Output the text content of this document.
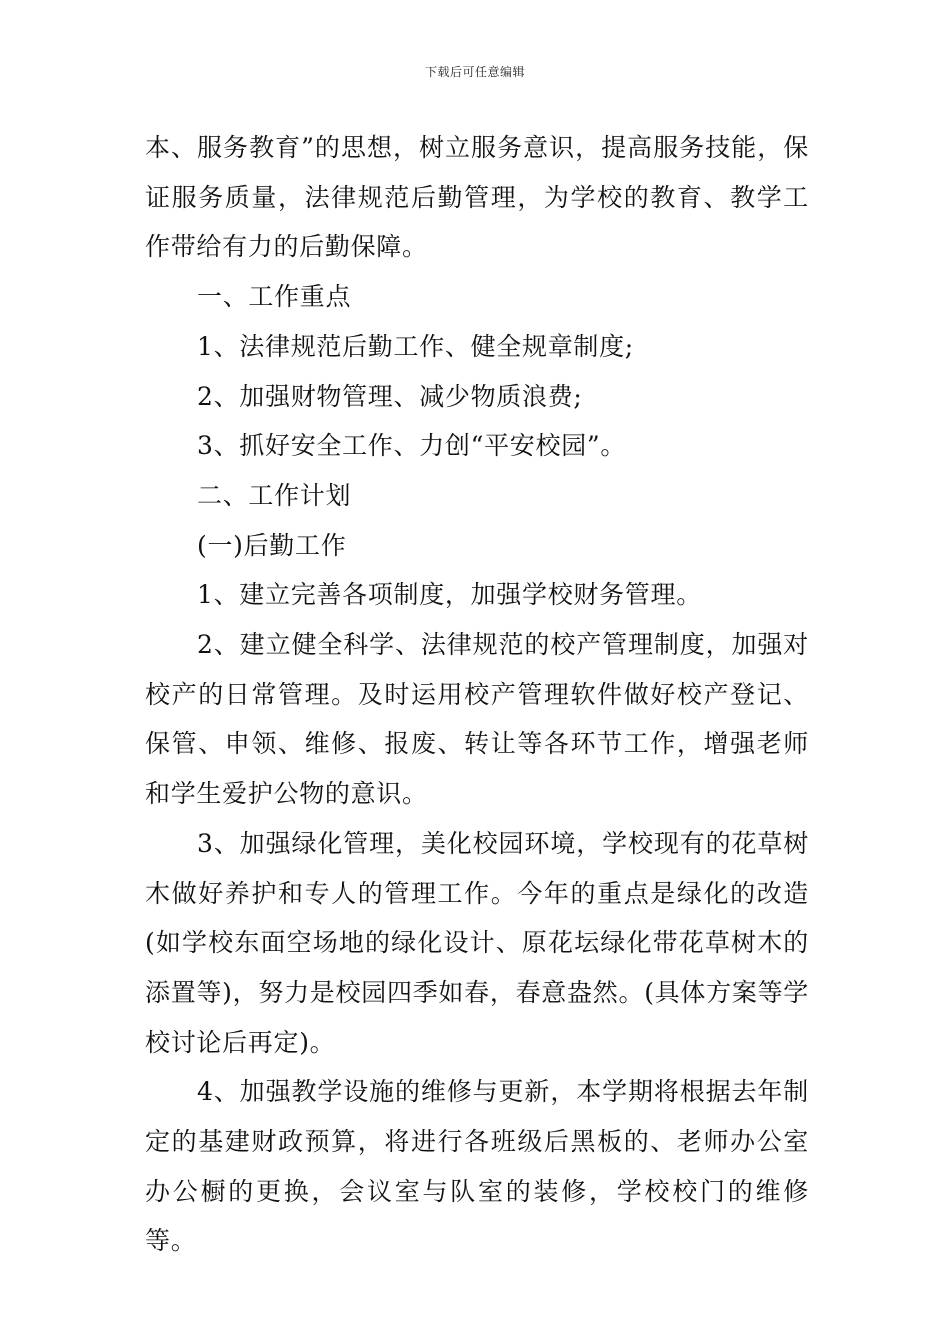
下载后可任意编辑

本、服务教育”的思想，树立服务意识，提高服务技能，保证服务质量，法律规范后勤管理，为学校的教育、教学工作带给有力的后勤保障。

一、工作重点

1、法律规范后勤工作、健全规章制度;

2、加强财物管理、减少物质浪费;

3、抓好安全工作、力创“平安校园”。

二、工作计划

(一)后勤工作

1、建立完善各项制度，加强学校财务管理。

2、建立健全科学、法律规范的校产管理制度，加强对校产的日常管理。及时运用校产管理软件做好校产登记、保管、申领、维修、报废、转让等各环节工作，增强老师和学生爱护公物的意识。

3、加强绿化管理，美化校园环境，学校现有的花草树木做好养护和专人的管理工作。今年的重点是绿化的改造(如学校东面空场地的绿化设计、原花坛绿化带花草树木的添置等)，努力是校园四季如春，春意盎然。(具体方案等学校讨论后再定)。

4、加强教学设施的维修与更新，本学期将根据去年制定的基建财政预算，将进行各班级后黑板的、老师办公室办公橱的更换，会议室与队室的装修，学校校门的维修等。
